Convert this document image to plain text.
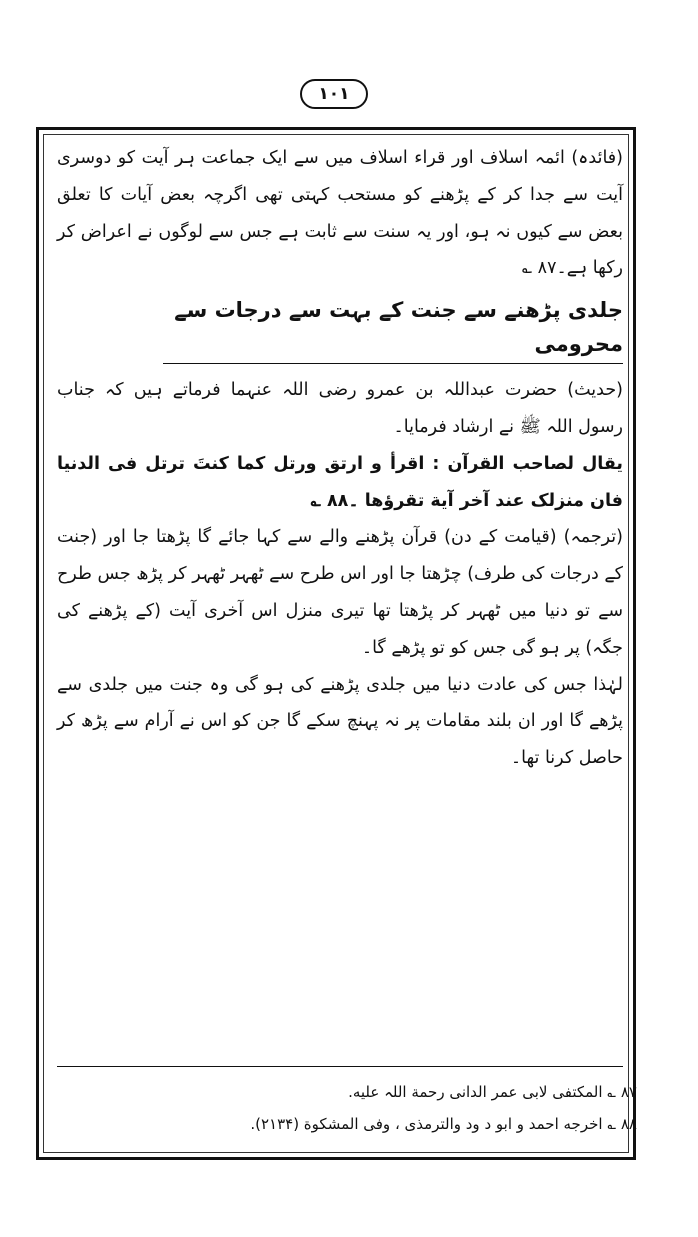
۱۰۱

(فائدہ) ائمہ اسلاف اور قراء اسلاف میں سے ایک جماعت ہر آیت کو دوسری آیت سے جدا کر کے پڑھنے کو مستحب کہتی تھی اگرچہ بعض آیات کا تعلق بعض سے کیوں نہ ہو، اور یہ سنت سے ثابت ہے جس سے لوگوں نے اعراض کر رکھا ہے۔۸۷ ؎

جلدی پڑھنے سے جنت کے بہت سے درجات سے محرومی

(حدیث) حضرت عبداللہ بن عمرو رضی اللہ عنہما فرماتے ہیں کہ جناب رسول اللہ ﷺ نے ارشاد فرمایا۔

یقال لصاحب القرآن : اقرأ و ارتق ورتل کما کنتَ ترتل فی الدنیا فان منزلک عند آخر آیة تقرؤھا ۔۸۸ ؎

(ترجمہ) (قیامت کے دن) قرآن پڑھنے والے سے کہا جائے گا پڑھتا جا اور (جنت کے درجات کی طرف) چڑھتا جا اور اس طرح سے ٹھہر ٹھہر کر پڑھ جس طرح سے تو دنیا میں ٹھہر کر پڑھتا تھا تیری منزل اس آخری آیت (کے پڑھنے کی جگہ) پر ہو گی جس کو تو پڑھے گا۔

لہٰذا جس کی عادت دنیا میں جلدی پڑھنے کی ہو گی وہ جنت میں جلدی سے پڑھے گا اور ان بلند مقامات پر نہ پہنچ سکے گا جن کو اس نے آرام سے پڑھ کر حاصل کرنا تھا۔

۸۷ ؎ المکتفی لابی عمر الدانی رحمة اللہ علیه.
۸۸ ؎ اخرجه احمد و ابو د ود والترمذی ، وفی المشکوة (۲۱۳۴).
